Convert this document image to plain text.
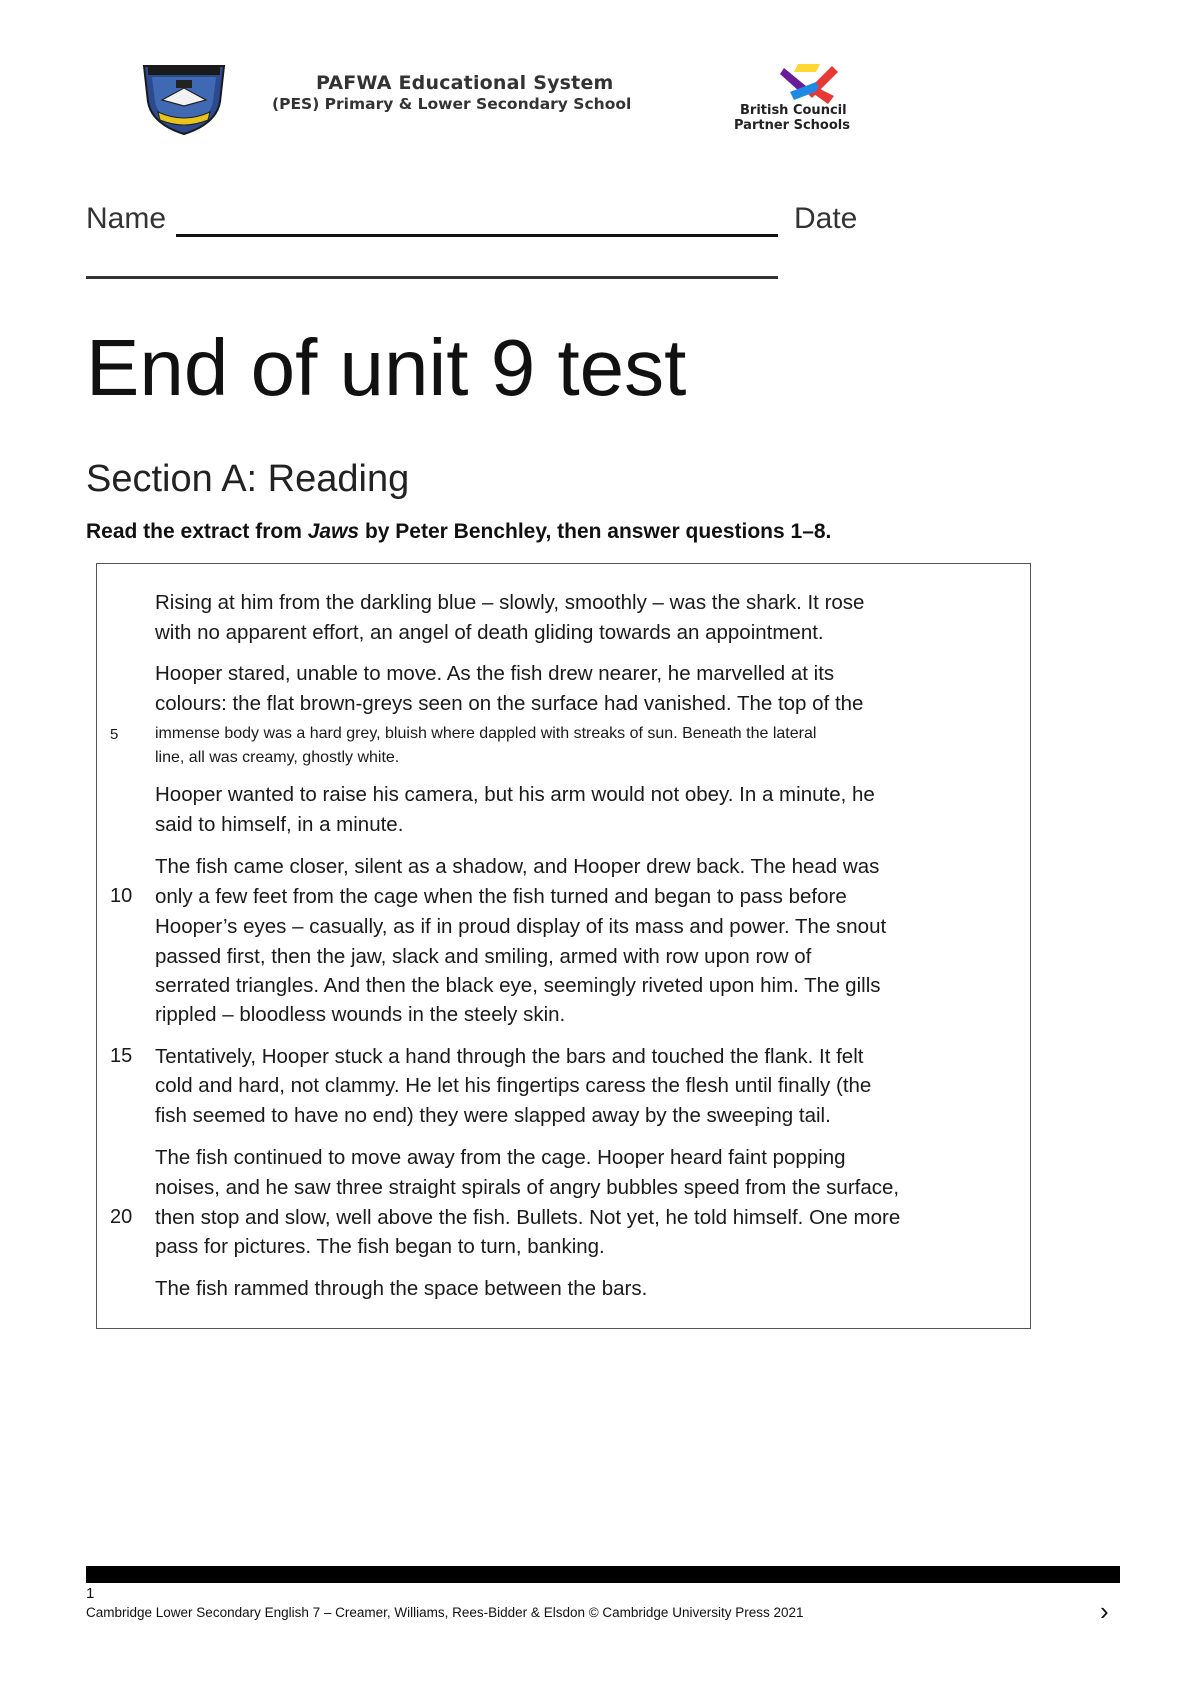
PAFWA Educational System
(PES) Primary & Lower Secondary School	British Council
Partner Schools
Name	Date
End of unit 9 test
Section A: Reading
Read the extract from Jaws by Peter Benchley, then answer questions 1–8.
Rising at him from the darkling blue – slowly, smoothly – was the shark. It rose
with no apparent effort, an angel of death gliding towards an appointment.
Hooper stared, unable to move. As the fish drew nearer, he marvelled at its
colours: the flat brown-greys seen on the surface had vanished. The top of the
5 immense body was a hard grey, bluish where dappled with streaks of sun. Beneath the lateral
line, all was creamy, ghostly white.
Hooper wanted to raise his camera, but his arm would not obey. In a minute, he
said to himself, in a minute.
The fish came closer, silent as a shadow, and Hooper drew back. The head was
10 only a few feet from the cage when the fish turned and began to pass before
Hooper’s eyes – casually, as if in proud display of its mass and power. The snout
passed first, then the jaw, slack and smiling, armed with row upon row of
serrated triangles. And then the black eye, seemingly riveted upon him. The gills
rippled – bloodless wounds in the steely skin.
15 Tentatively, Hooper stuck a hand through the bars and touched the flank. It felt
cold and hard, not clammy. He let his fingertips caress the flesh until finally (the
fish seemed to have no end) they were slapped away by the sweeping tail.
The fish continued to move away from the cage. Hooper heard faint popping
noises, and he saw three straight spirals of angry bubbles speed from the surface,
20 then stop and slow, well above the fish. Bullets. Not yet, he told himself. One more
pass for pictures. The fish began to turn, banking.
The fish rammed through the space between the bars.
1
Cambridge Lower Secondary English 7 – Creamer, Williams, Rees-Bidder & Elsdon © Cambridge University Press 2021	›
